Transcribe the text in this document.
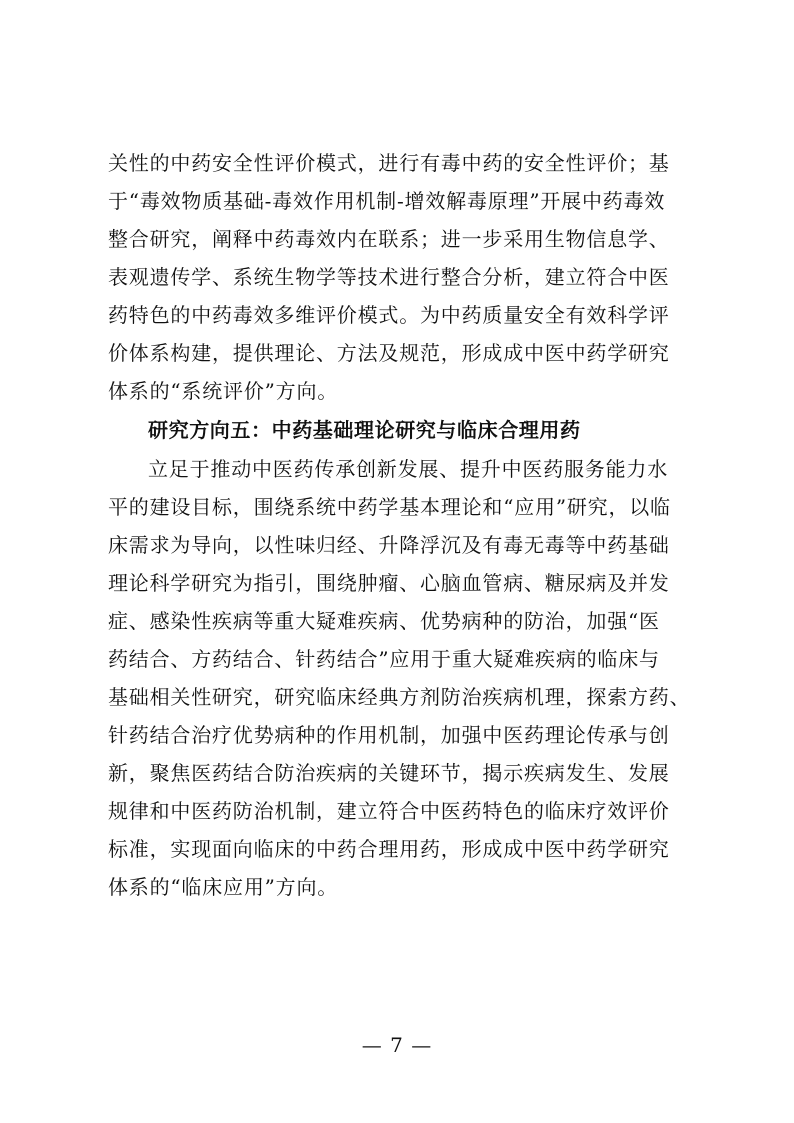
关性的中药安全性评价模式，进行有毒中药的安全性评价；基
于“毒效物质基础-毒效作用机制-增效解毒原理”开展中药毒效
整合研究，阐释中药毒效内在联系；进一步采用生物信息学、
表观遗传学、系统生物学等技术进行整合分析，建立符合中医
药特色的中药毒效多维评价模式。为中药质量安全有效科学评
价体系构建，提供理论、方法及规范，形成成中医中药学研究
体系的“系统评价”方向。
研究方向五：中药基础理论研究与临床合理用药
立足于推动中医药传承创新发展、提升中医药服务能力水
平的建设目标，围绕系统中药学基本理论和“应用”研究，以临
床需求为导向，以性味归经、升降浮沉及有毒无毒等中药基础
理论科学研究为指引，围绕肿瘤、心脑血管病、糖尿病及并发
症、感染性疾病等重大疑难疾病、优势病种的防治，加强“医
药结合、方药结合、针药结合”应用于重大疑难疾病的临床与
基础相关性研究，研究临床经典方剂防治疾病机理，探索方药、
针药结合治疗优势病种的作用机制，加强中医药理论传承与创
新，聚焦医药结合防治疾病的关键环节，揭示疾病发生、发展
规律和中医药防治机制，建立符合中医药特色的临床疗效评价
标准，实现面向临床的中药合理用药，形成成中医中药学研究
体系的“临床应用”方向。
— 7 —
